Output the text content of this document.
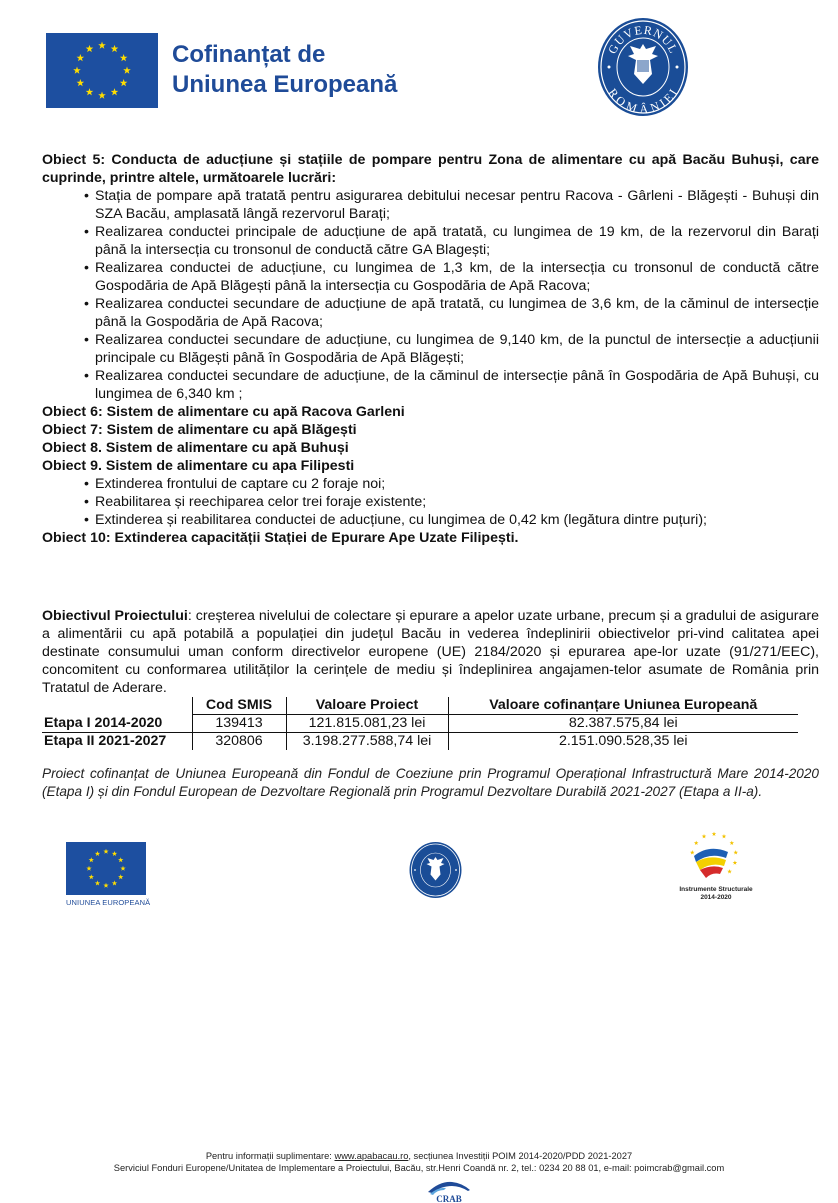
Cofinanțat de
Uniunea Europeană
GUVERNUL
ROMÂNIEI
Obiect 5: Conducta de aducțiune și stațiile de pompare pentru Zona de alimentare cu apă Bacău Buhuși, care cuprinde, printre altele, următoarele lucrări:
• Stația de pompare apă tratată pentru asigurarea debitului necesar pentru Racova - Gârleni - Blăgești - Buhuși din SZA Bacău, amplasată lângă rezervorul Barați;
• Realizarea conductei principale de aducțiune de apă tratată, cu lungimea de 19 km, de la rezervorul din Barați până la intersecția cu tronsonul de conductă către GA Blagești;
• Realizarea conductei de aducțiune, cu lungimea de 1,3 km, de la intersecția cu tronsonul de conductă către Gospodăria de Apă Blăgești până la intersecția cu Gospodăria de Apă Racova;
• Realizarea conductei secundare de aducțiune de apă tratată, cu lungimea de 3,6 km, de la căminul de intersecție până la Gospodăria de Apă Racova;
• Realizarea conductei secundare de aducțiune, cu lungimea de 9,140 km, de la punctul de intersecție a aducțiunii principale cu Blăgești până în Gospodăria de Apă Blăgești;
• Realizarea conductei secundare de aducțiune, de la căminul de intersecție până în Gospodăria de Apă Buhuși, cu lungimea de 6,340 km ;
Obiect 6: Sistem de alimentare cu apă Racova Garleni
Obiect 7: Sistem de alimentare cu apă Blăgești
Obiect 8. Sistem de alimentare cu apă Buhuși
Obiect 9. Sistem de alimentare cu apa Filipesti
• Extinderea frontului de captare cu 2 foraje noi;
• Reabilitarea și reechiparea celor trei foraje existente;
• Extinderea și reabilitarea conductei de aducțiune, cu lungimea de 0,42 km (legătura dintre puțuri);
Obiect 10: Extinderea capacității Stației de Epurare Ape Uzate Filipești.
Obiectivul Proiectului: creșterea nivelului de colectare și epurare a apelor uzate urbane, precum și a gradului de asigurare a alimentării cu apă potabilă a populației din județul Bacău in vederea îndeplinirii obiectivelor pri-vind calitatea apei destinate consumului uman conform directivelor europene (UE) 2184/2020 și epurarea ape-lor uzate (91/271/EEC), concomitent cu conformarea utilităților la cerințele de mediu și îndeplinirea angajamen-telor asumate de România prin Tratatul de Aderare.
	Cod SMIS	Valoare Proiect	Valoare cofinanțare Uniunea Europeană
Etapa I 2014-2020	139413	121.815.081,23 lei	82.387.575,84 lei
Etapa II 2021-2027	320806	3.198.277.588,74 lei	2.151.090.528,35 lei
Proiect cofinanțat de Uniunea Europeană din Fondul de Coeziune prin Programul Operațional Infrastructură Mare 2014-2020 (Etapa I) și din Fondul European de Dezvoltare Regională prin Programul Dezvoltare Durabilă 2021-2027 (Etapa a II-a).
UNIUNEA EUROPEANĂ
Instrumente Structurale
2014-2020
Pentru informații suplimentare: www.apabacau.ro, secțiunea Investiții POIM 2014-2020/PDD 2021-2027
Serviciul Fonduri Europene/Unitatea de Implementare a Proiectului, Bacău, str.Henri Coandă nr. 2, tel.: 0234 20 88 01, e-mail: poimcrab@gmail.com
CRAB
